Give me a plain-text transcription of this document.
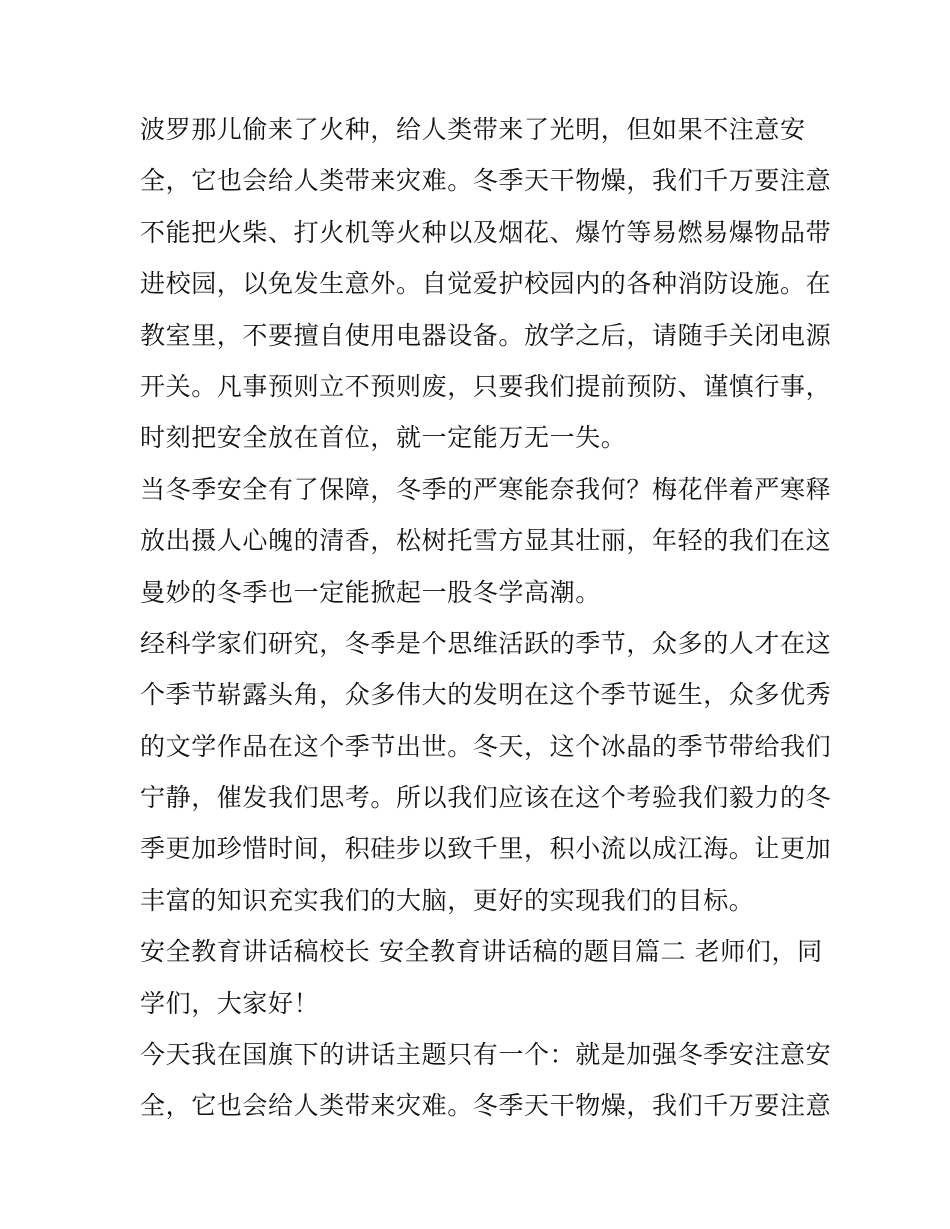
波罗那儿偷来了火种，给人类带来了光明，但如果不注意安
全，它也会给人类带来灾难。冬季天干物燥，我们千万要注意
不能把火柴、打火机等火种以及烟花、爆竹等易燃易爆物品带
进校园，以免发生意外。自觉爱护校园内的各种消防设施。在
教室里，不要擅自使用电器设备。放学之后，请随手关闭电源
开关。凡事预则立不预则废，只要我们提前预防、谨慎行事，
时刻把安全放在首位，就一定能万无一失。
当冬季安全有了保障，冬季的严寒能奈我何？梅花伴着严寒释
放出摄人心魄的清香，松树托雪方显其壮丽，年轻的我们在这
曼妙的冬季也一定能掀起一股冬学高潮。
经科学家们研究，冬季是个思维活跃的季节，众多的人才在这
个季节崭露头角，众多伟大的发明在这个季节诞生，众多优秀
的文学作品在这个季节出世。冬天，这个冰晶的季节带给我们
宁静，催发我们思考。所以我们应该在这个考验我们毅力的冬
季更加珍惜时间，积硅步以致千里，积小流以成江海。让更加
丰富的知识充实我们的大脑，更好的实现我们的目标。
安全教育讲话稿校长 安全教育讲话稿的题目篇二 老师们，同
学们，大家好！
今天我在国旗下的讲话主题只有一个：就是加强冬季安注意安
全，它也会给人类带来灾难。冬季天干物燥，我们千万要注意
